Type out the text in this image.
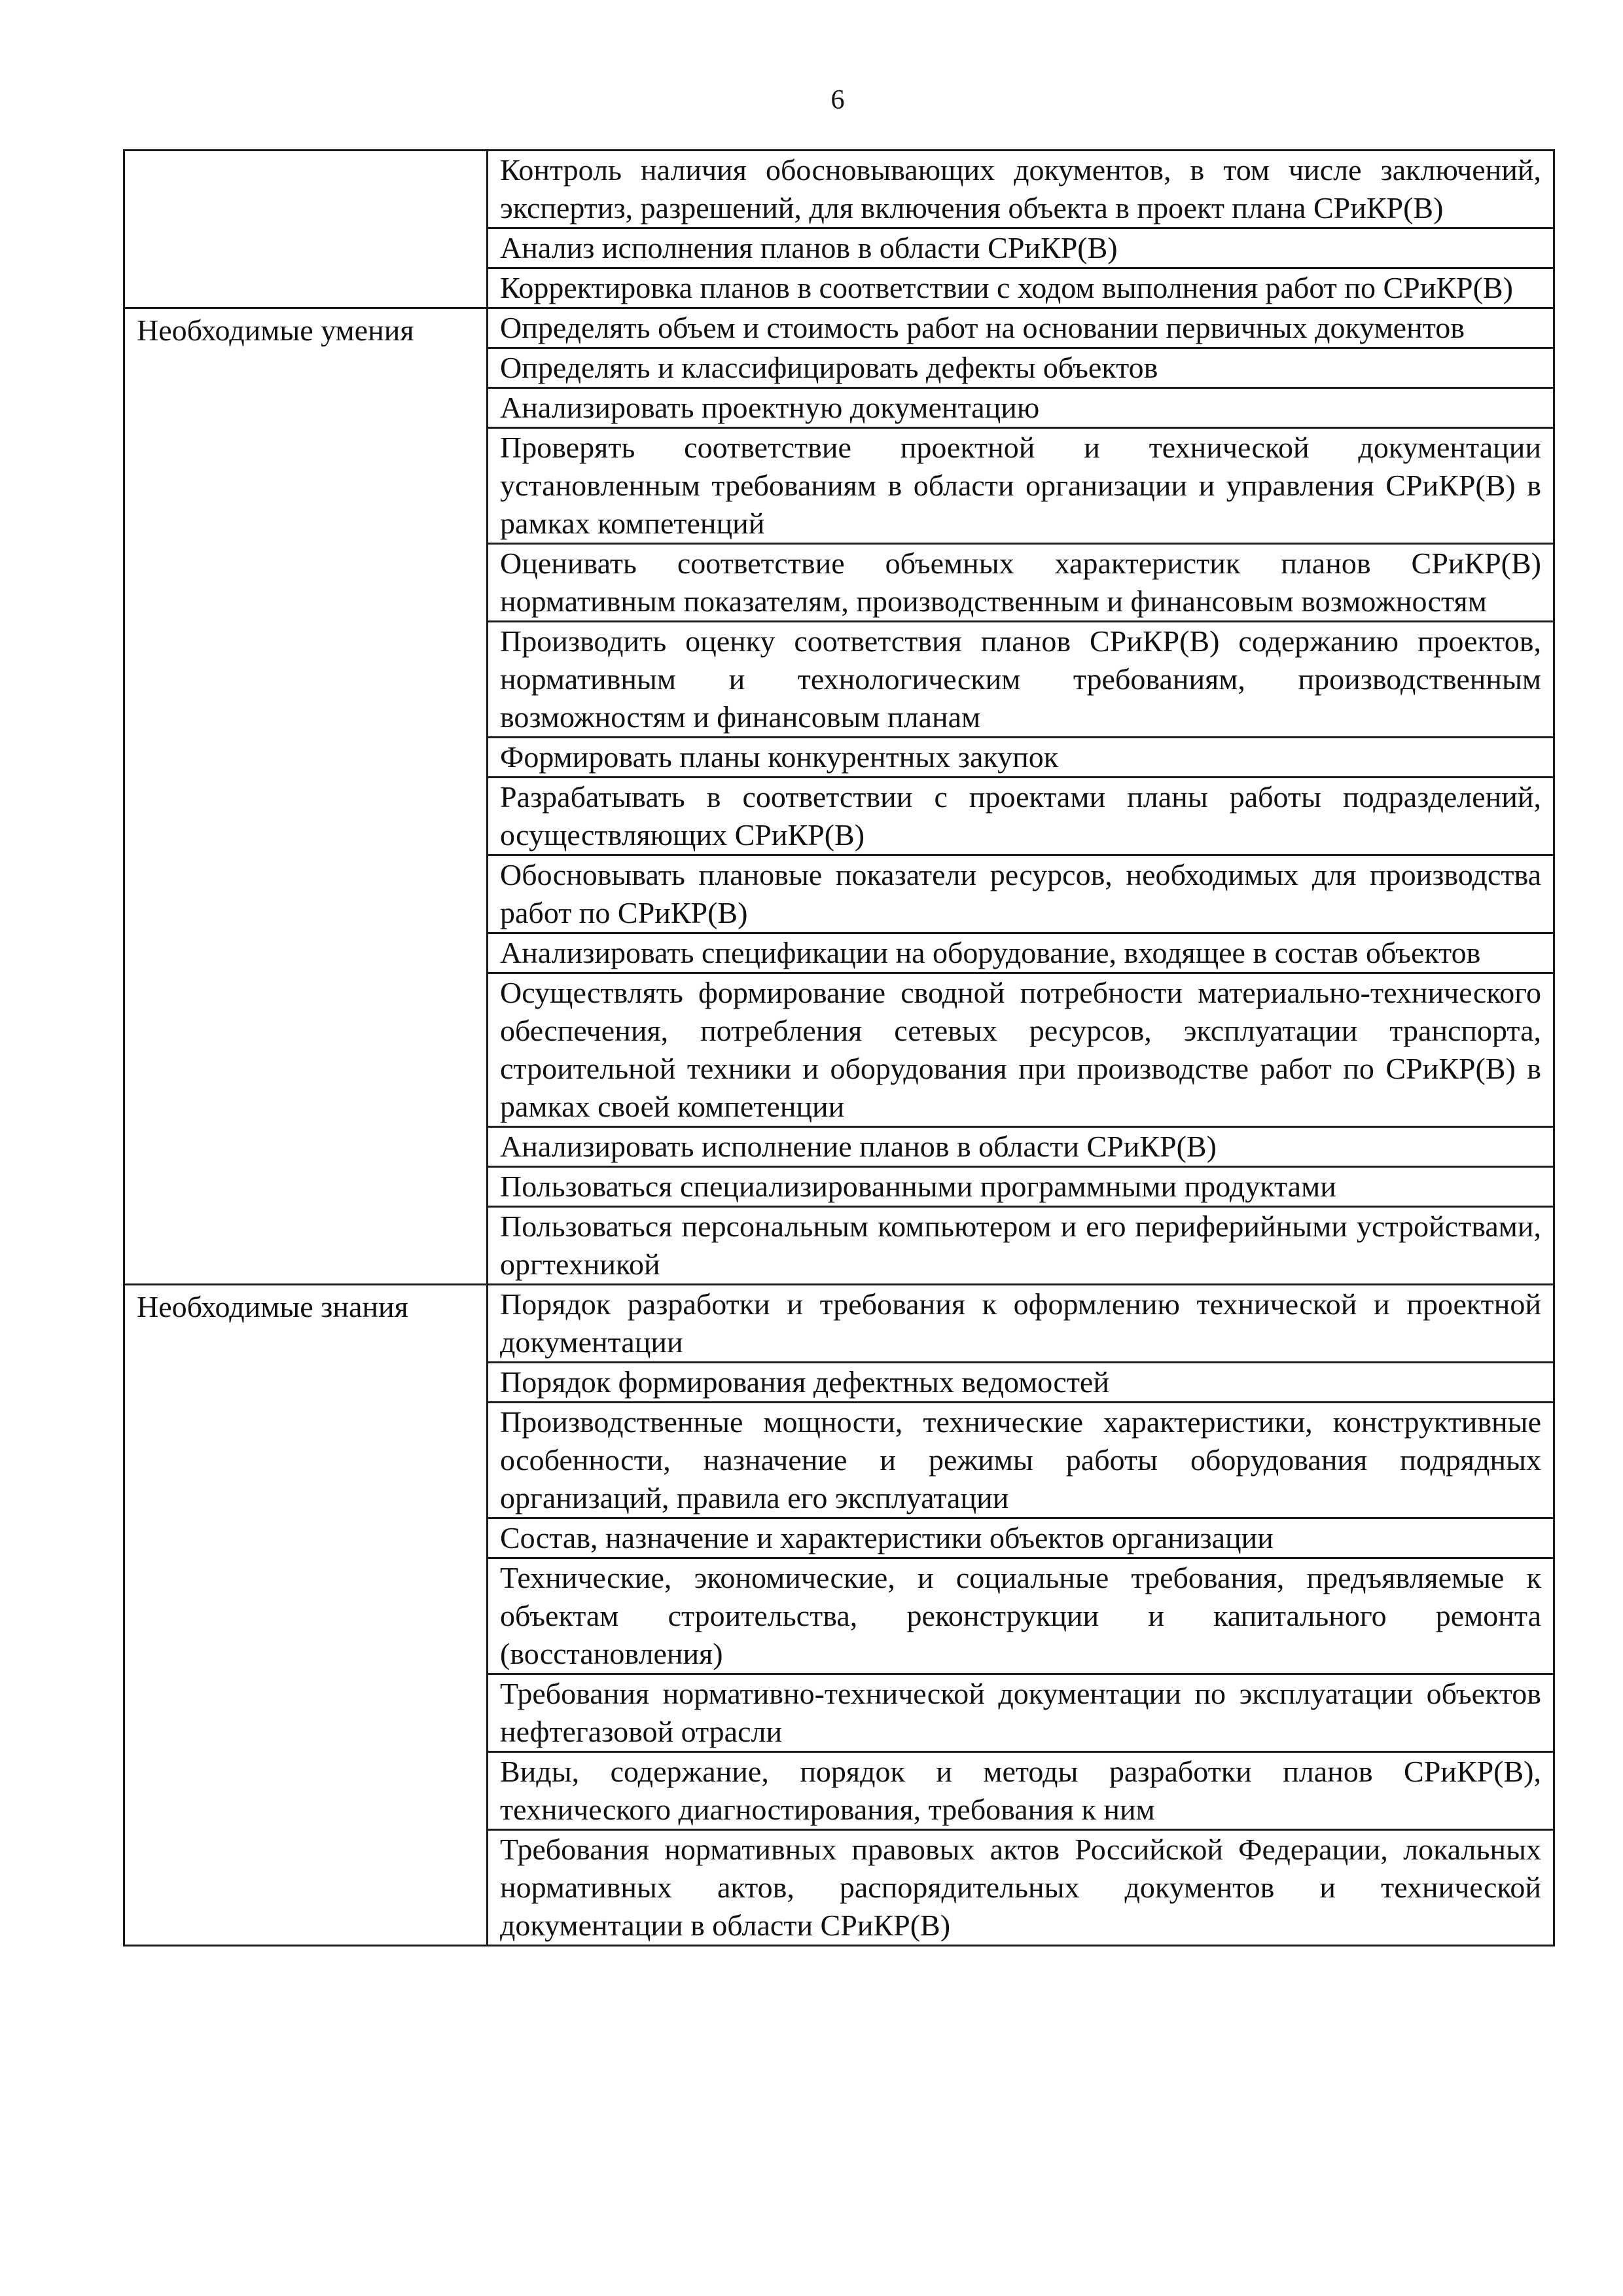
6
	Контроль наличия обосновывающих документов, в том числе заключений, экспертиз, разрешений, для включения объекта в проект плана СРиКР(В)
	Анализ исполнения планов в области СРиКР(В)
	Корректировка планов в соответствии с ходом выполнения работ по СРиКР(В)
Необходимые умения	Определять объем и стоимость работ на основании первичных документов
	Определять и классифицировать дефекты объектов
	Анализировать проектную документацию
	Проверять соответствие проектной и технической документации установленным требованиям в области организации и управления СРиКР(В) в рамках компетенций
	Оценивать соответствие объемных характеристик планов СРиКР(В) нормативным показателям, производственным и финансовым возможностям
	Производить оценку соответствия планов СРиКР(В) содержанию проектов, нормативным и технологическим требованиям, производственным возможностям и финансовым планам
	Формировать планы конкурентных закупок
	Разрабатывать в соответствии с проектами планы работы подразделений, осуществляющих СРиКР(В)
	Обосновывать плановые показатели ресурсов, необходимых для производства работ по СРиКР(В)
	Анализировать спецификации на оборудование, входящее в состав объектов
	Осуществлять формирование сводной потребности материально-технического обеспечения, потребления сетевых ресурсов, эксплуатации транспорта, строительной техники и оборудования при производстве работ по СРиКР(В) в рамках своей компетенции
	Анализировать исполнение планов в области СРиКР(В)
	Пользоваться специализированными программными продуктами
	Пользоваться персональным компьютером и его периферийными устройствами, оргтехникой
Необходимые знания	Порядок разработки и требования к оформлению технической и проектной документации
	Порядок формирования дефектных ведомостей
	Производственные мощности, технические характеристики, конструктивные особенности, назначение и режимы работы оборудования подрядных организаций, правила его эксплуатации
	Состав, назначение и характеристики объектов организации
	Технические, экономические, и социальные требования, предъявляемые к объектам строительства, реконструкции и капитального ремонта (восстановления)
	Требования нормативно-технической документации по эксплуатации объектов нефтегазовой отрасли
	Виды, содержание, порядок и методы разработки планов СРиКР(В), технического диагностирования, требования к ним
	Требования нормативных правовых актов Российской Федерации, локальных нормативных актов, распорядительных документов и технической документации в области СРиКР(В)
